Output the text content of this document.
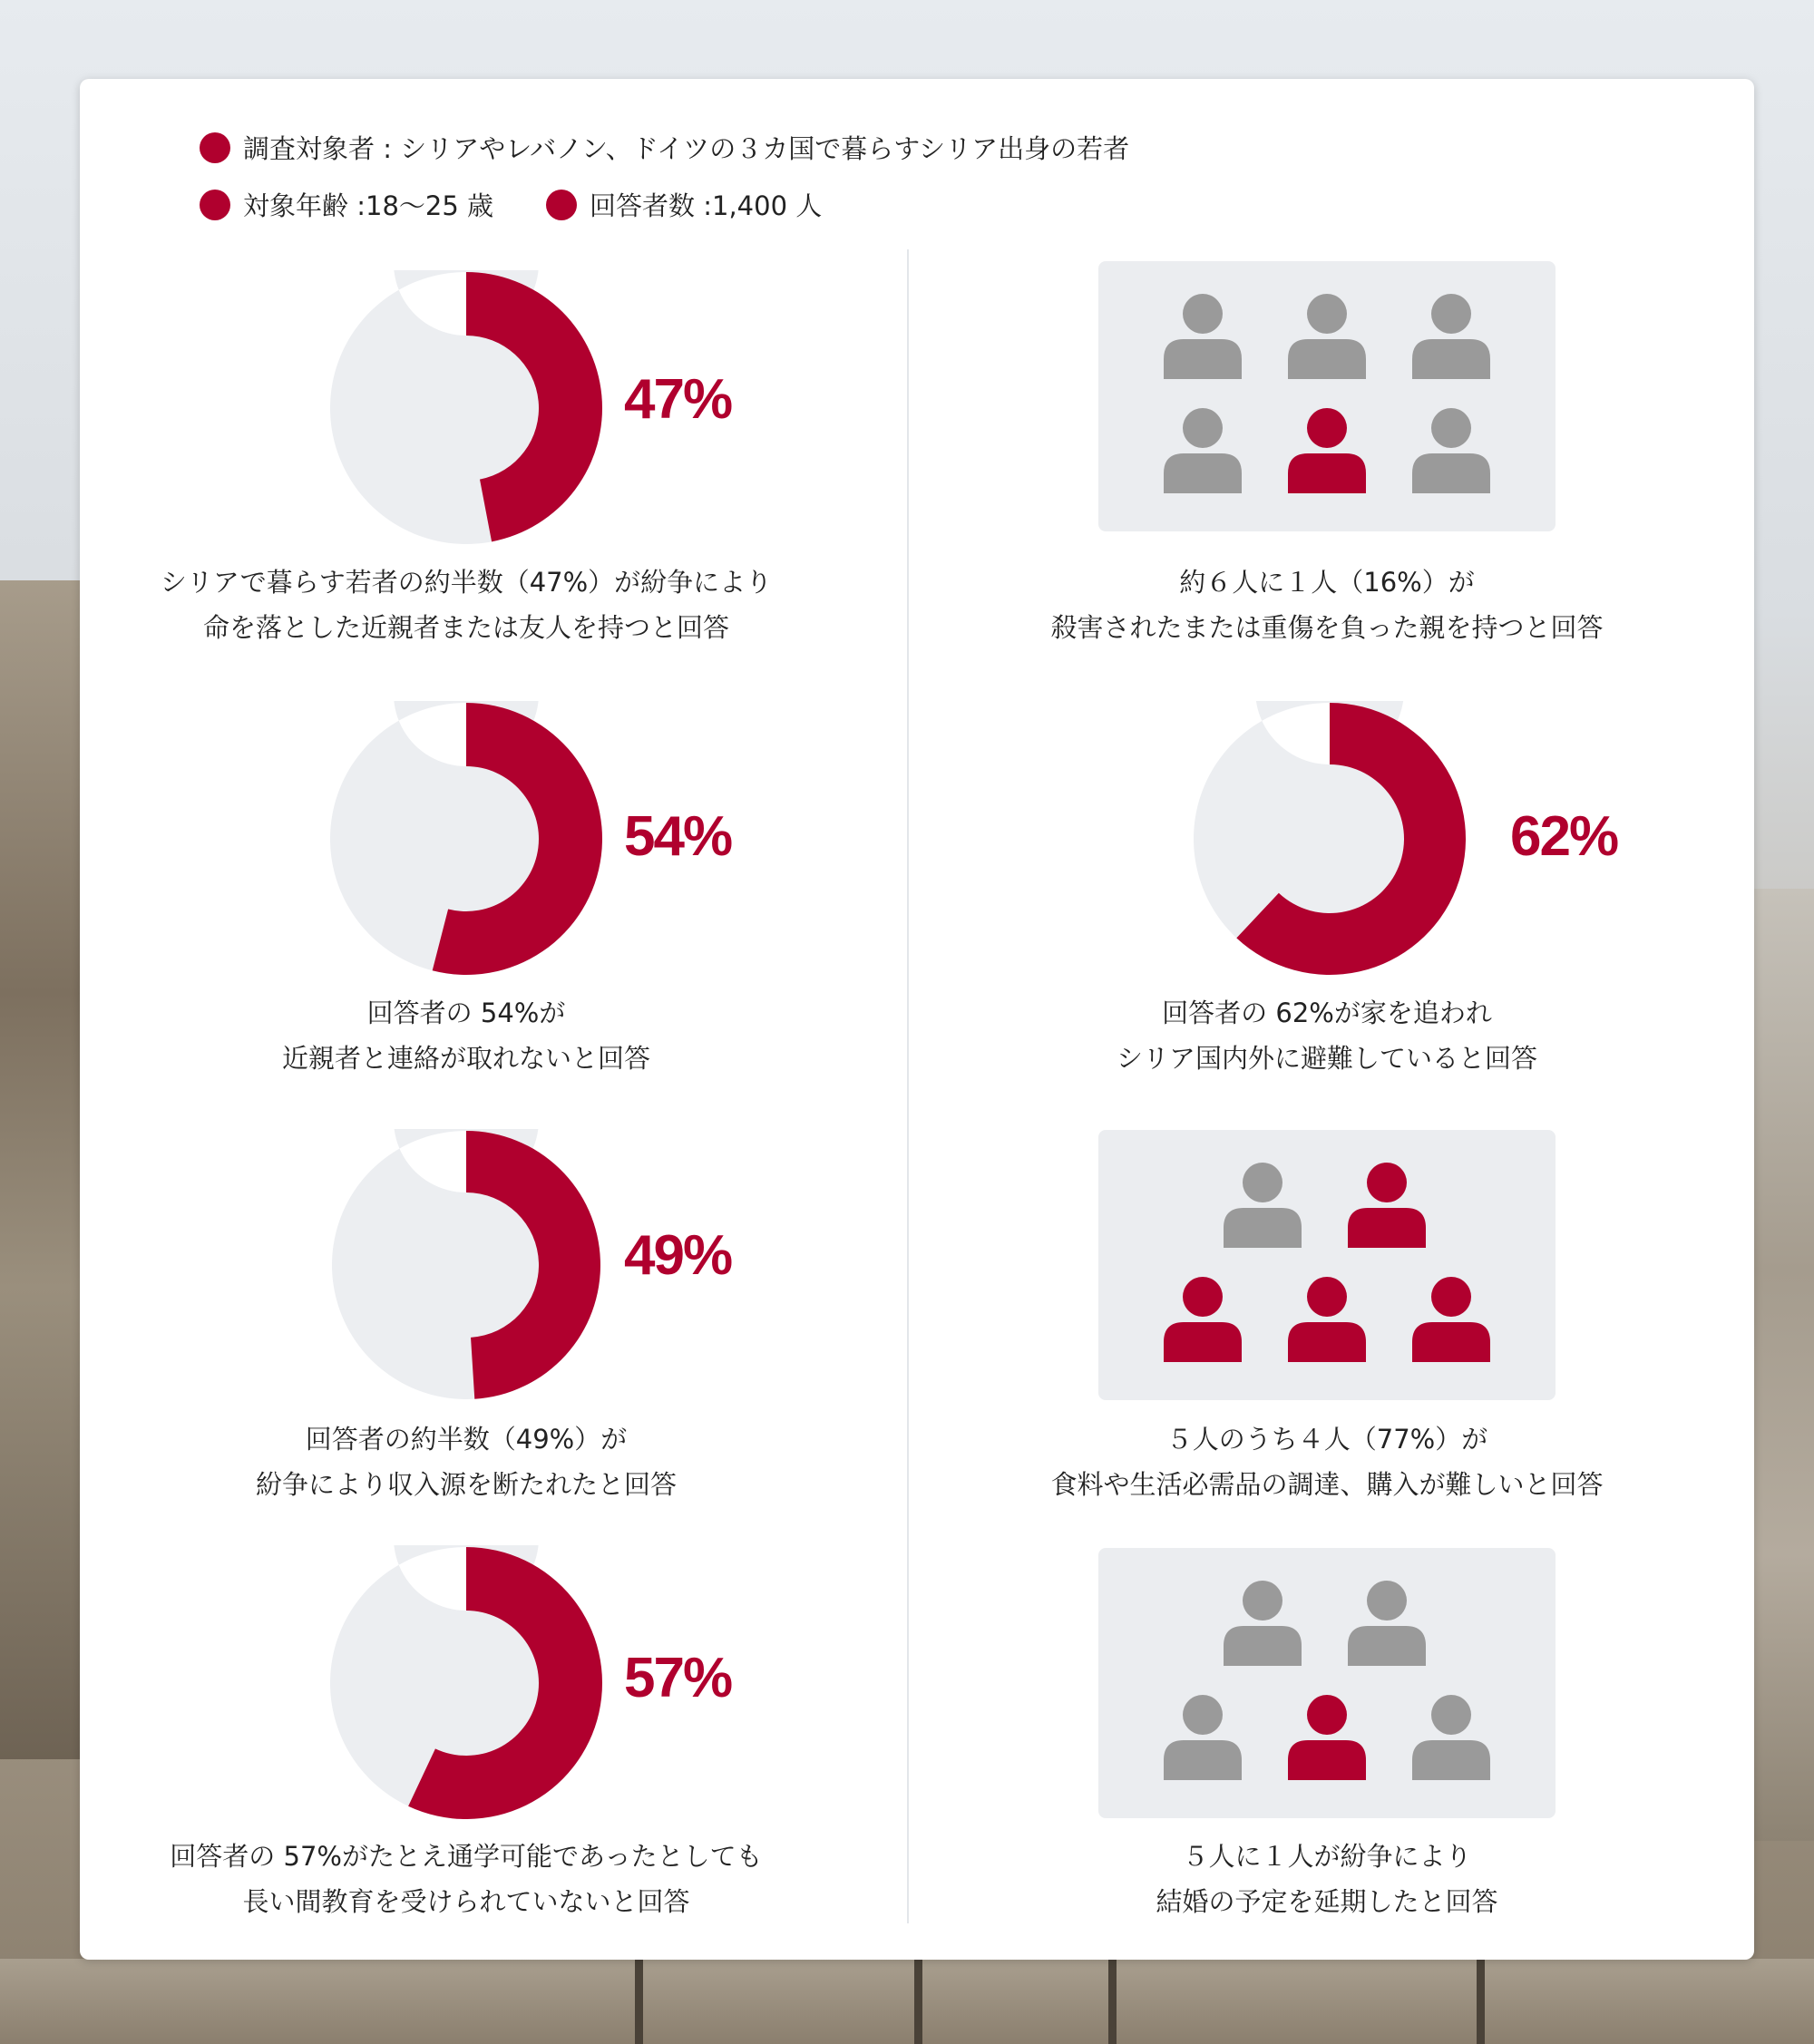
調査対象者 : シリアやレバノン、ドイツの３カ国で暮らすシリア出身の若者
対象年齢 :18〜25 歳	回答者数 :1,400 人
47%
シリアで暮らす若者の約半数（47%）が紛争により
命を落とした近親者または友人を持つと回答
54%
回答者の 54%が
近親者と連絡が取れないと回答
49%
回答者の約半数（49%）が
紛争により収入源を断たれたと回答
57%
回答者の 57%がたとえ通学可能であったとしても
長い間教育を受けられていないと回答
約６人に１人（16%）が
殺害されたまたは重傷を負った親を持つと回答
62%
回答者の 62%が家を追われ
シリア国内外に避難していると回答
５人のうち４人（77%）が
食料や生活必需品の調達、購入が難しいと回答
５人に１人が紛争により
結婚の予定を延期したと回答
